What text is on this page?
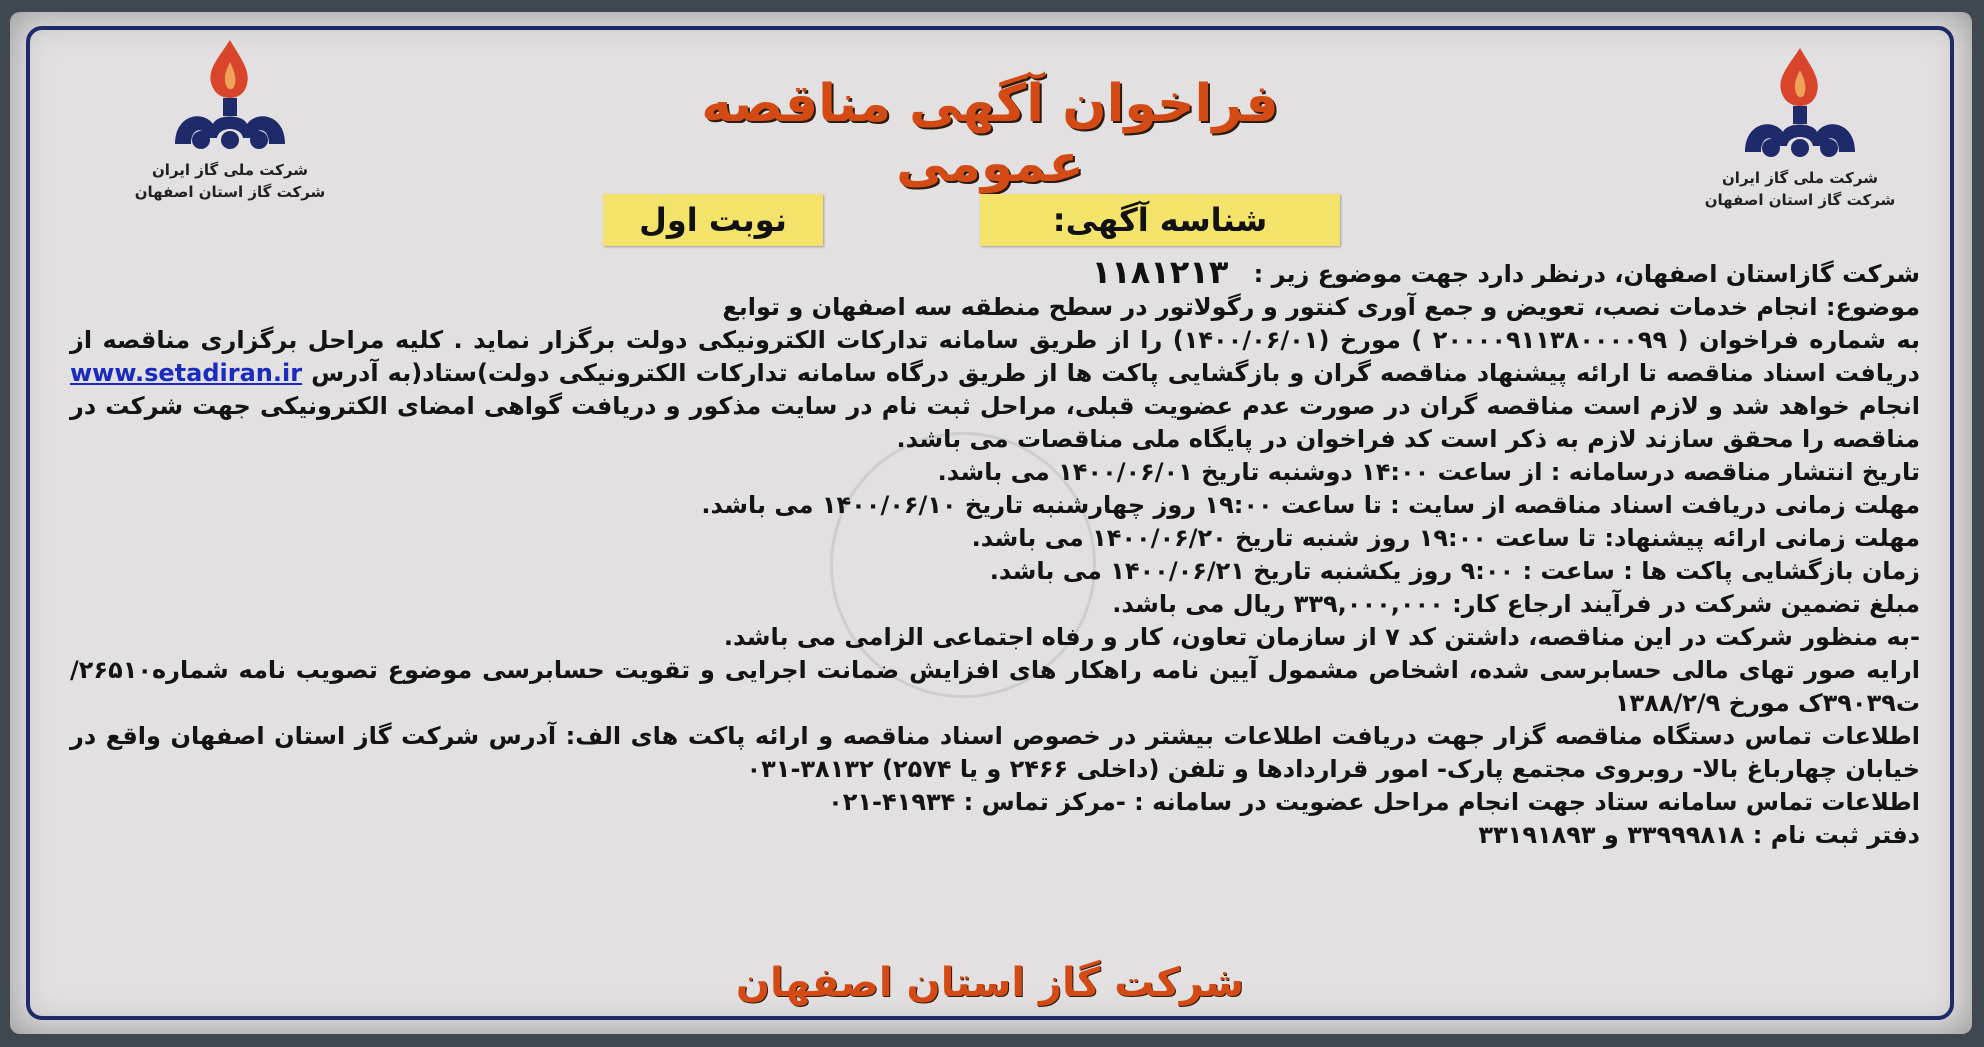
شرکت ملی گاز ایران
شرکت گاز استان اصفهان
شرکت ملی گاز ایران
شرکت گاز استان اصفهان
فراخوان آگهی مناقصه عمومی
نوبت اول	شناسه آگهی: ۱۱۸۱۲۱۳	شرکت گازاستان اصفهان، درنظر دارد جهت موضوع زیر :

موضوع: انجام خدمات نصب، تعویض و جمع آوری کنتور و رگولاتور در سطح منطقه سه اصفهان و توابع

به شماره فراخوان ( ۲۰۰۰۰۹۱۱۳۸۰۰۰۰۹۹ ) مورخ (۱۴۰۰/۰۶/۰۱) را از طریق سامانه تدارکات الکترونیکی دولت برگزار نماید . کلیه مراحل برگزاری مناقصه از دریافت اسناد مناقصه تا ارائه پیشنهاد مناقصه گران و بازگشایی پاکت ها از طریق درگاه سامانه تدارکات الکترونیکی دولت)ستاد(به آدرس www.setadiran.ir انجام خواهد شد و لازم است مناقصه گران در صورت عدم عضویت قبلی، مراحل ثبت نام در سایت مذکور و دریافت گواهی امضای الکترونیکی جهت شرکت در مناقصه را محقق سازند لازم به ذکر است کد فراخوان در پایگاه ملی مناقصات می باشد.

تاریخ انتشار مناقصه درسامانه : از ساعت ۱۴:۰۰ دوشنبه تاریخ ۱۴۰۰/۰۶/۰۱ می باشد.

مهلت زمانی دریافت اسناد مناقصه از سایت : تا ساعت ۱۹:۰۰ روز چهارشنبه تاریخ ۱۴۰۰/۰۶/۱۰ می باشد.

مهلت زمانی ارائه پیشنهاد: تا ساعت ۱۹:۰۰ روز شنبه تاریخ ۱۴۰۰/۰۶/۲۰ می باشد.

زمان بازگشایی پاکت ها : ساعت : ۹:۰۰ روز یکشنبه تاریخ ۱۴۰۰/۰۶/۲۱ می باشد.

مبلغ تضمین شرکت در فرآیند ارجاع کار: ۳۳۹,۰۰۰,۰۰۰ ریال می باشد.

-به منظور شرکت در این مناقصه، داشتن کد ۷ از سازمان تعاون، کار و رفاه اجتماعی الزامی می باشد.

ارایه صور تهای مالی حسابرسی شده، اشخاص مشمول آیین نامه راهکار های افزایش ضمانت اجرایی و تقویت حسابرسی موضوع تصویب نامه شماره۲۶۵۱۰/ت۳۹۰۳۹ک مورخ ۱۳۸۸/۲/۹

اطلاعات تماس دستگاه مناقصه گزار جهت دریافت اطلاعات بیشتر در خصوص اسناد مناقصه و ارائه پاکت های الف: آدرس شرکت گاز استان اصفهان واقع در خیابان چهارباغ بالا- روبروی مجتمع پارک- امور قراردادها و تلفن (داخلی ۲۴۶۶ و یا ۲۵۷۴) ۳۸۱۳۲-۰۳۱

اطلاعات تماس سامانه ستاد جهت انجام مراحل عضویت در سامانه : -مرکز تماس : ۴۱۹۳۴-۰۲۱

دفتر ثبت نام : ۳۳۹۹۹۸۱۸ و ۳۳۱۹۱۸۹۳

شرکت گاز استان اصفهان
